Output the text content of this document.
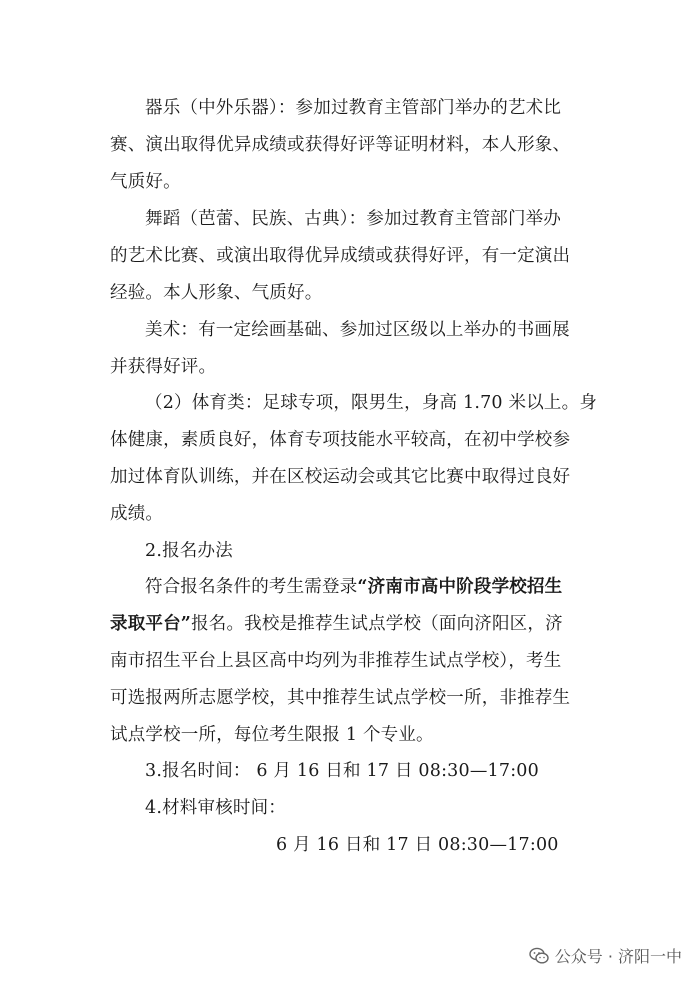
器乐（中外乐器）：参加过教育主管部门举办的艺术比
赛、演出取得优异成绩或获得好评等证明材料，本人形象、
气质好。
舞蹈（芭蕾、民族、古典）：参加过教育主管部门举办
的艺术比赛、或演出取得优异成绩或获得好评，有一定演出
经验。本人形象、气质好。
美术：有一定绘画基础、参加过区级以上举办的书画展
并获得好评。
（2）体育类：足球专项，限男生，身高 1.70 米以上。身
体健康，素质良好，体育专项技能水平较高，在初中学校参
加过体育队训练，并在区校运动会或其它比赛中取得过良好
成绩。
2.报名办法
符合报名条件的考生需登录“济南市高中阶段学校招生
录取平台”报名。我校是推荐生试点学校（面向济阳区，济
南市招生平台上县区高中均列为非推荐生试点学校），考生
可选报两所志愿学校，其中推荐生试点学校一所，非推荐生
试点学校一所，每位考生限报 1 个专业。
3.报名时间： 6 月 16 日和 17 日 08:30—17:00
4.材料审核时间：
6 月 16 日和 17 日 08:30—17:00
公众号 · 济阳一中
